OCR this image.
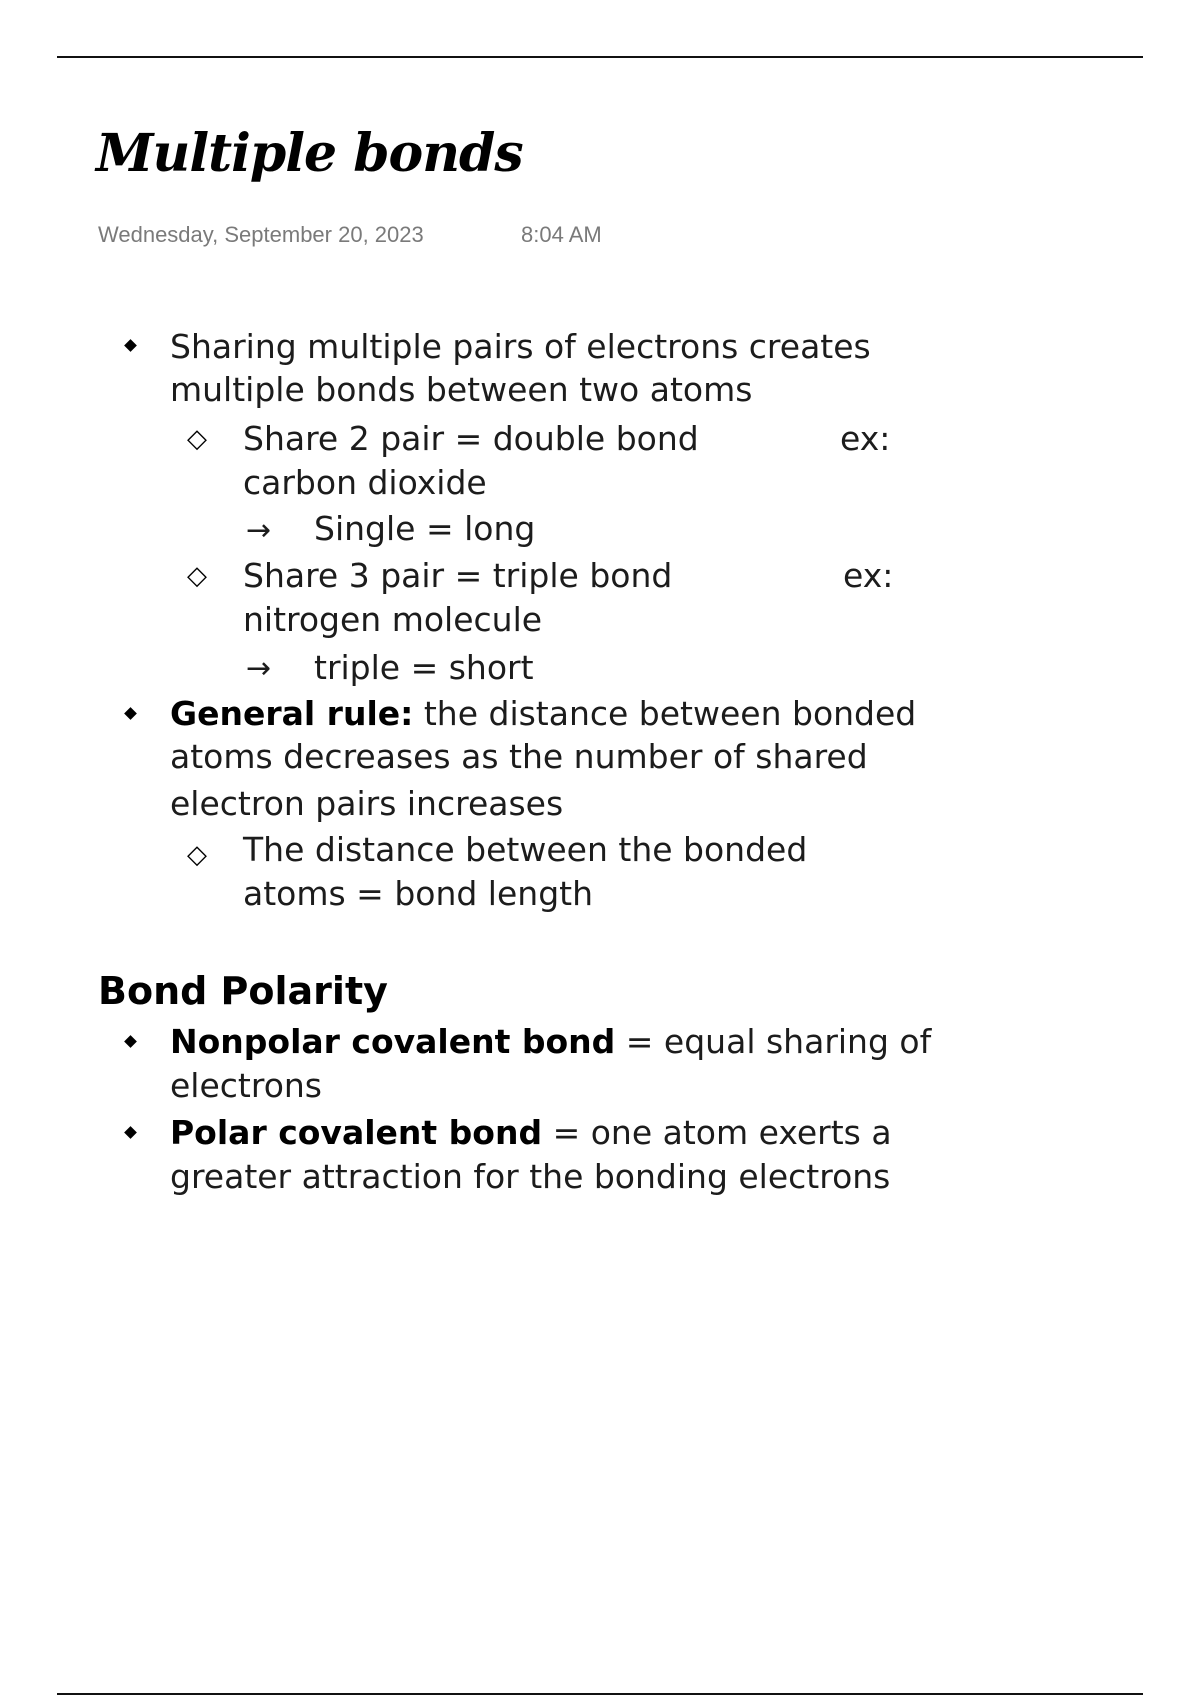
Multiple bonds
Wednesday, September 20, 2023	8:04 AM
Sharing multiple pairs of electrons creates
multiple bonds between two atoms
◇ Share 2 pair = double bond	ex:
carbon dioxide
→ Single = long
◇ Share 3 pair = triple bond	ex:
nitrogen molecule
→ triple = short
General rule: the distance between bonded
atoms decreases as the number of shared
electron pairs increases
◇ The distance between the bonded
atoms = bond length
Bond Polarity
Nonpolar covalent bond = equal sharing of
electrons
Polar covalent bond = one atom exerts a
greater attraction for the bonding electrons
